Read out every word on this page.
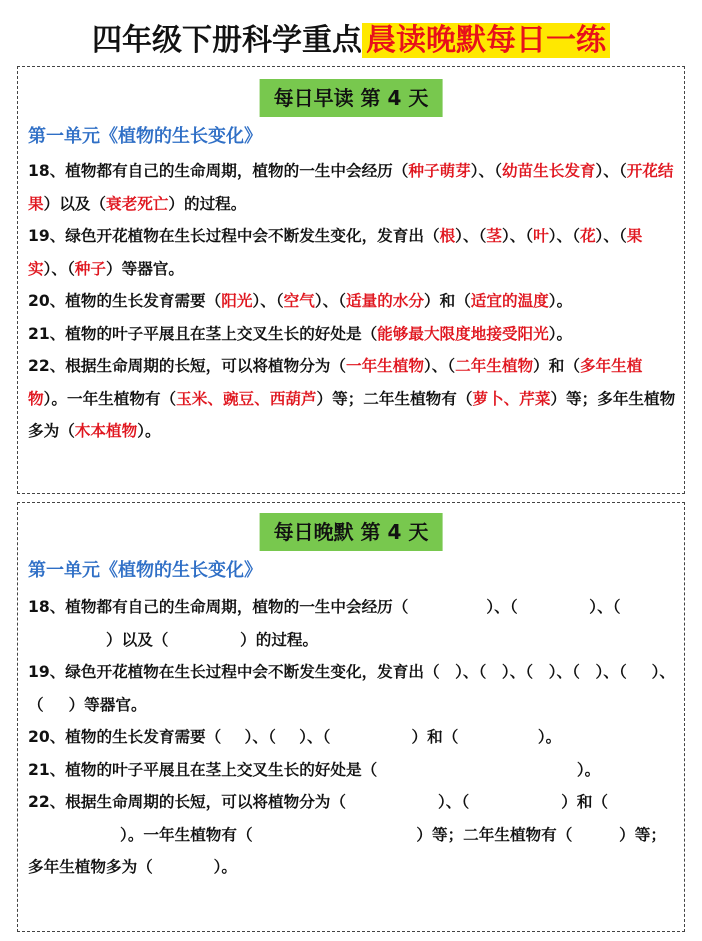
四年级下册科学重点 晨读晚默每日一练
每日早读 第 4 天
第一单元《植物的生长变化》
18、植物都有自己的生命周期，植物的一生中会经历（种子萌芽）、（幼苗生长发育）、（开花结果）以及（衰老死亡）的过程。
19、绿色开花植物在生长过程中会不断发生变化，发育出（根）、（茎）、（叶）、（花）、（果实）、（种子）等器官。
20、植物的生长发育需要（阳光）、（空气）、（适量的水分）和（适宜的温度）。
21、植物的叶子平展且在茎上交叉生长的好处是（能够最大限度地接受阳光）。
22、根据生命周期的长短，可以将植物分为（一年生植物）、（二年生植物）和（多年生植物）。一年生植物有（玉米、豌豆、西葫芦）等；二年生植物有（萝卜、芹菜）等；多年生植物多为（木本植物）。
每日晚默 第 4 天
第一单元《植物的生长变化》
18、植物都有自己的生命周期，植物的一生中会经历（	）、（	）、（）以及（	）的过程。
19、绿色开花植物在生长过程中会不断发生变化，发育出（ ）、（ ）、（ ）、（ ）、（ ）、（ ）等器官。
20、植物的生长发育需要（ ）、（ ）、（	）和（	）。
21、植物的叶子平展且在茎上交叉生长的好处是（	）。
22、根据生命周期的长短，可以将植物分为（	）、（	）和（）。一年生植物有（	）等；二年生植物有（	）等；多年生植物多为（	）。
